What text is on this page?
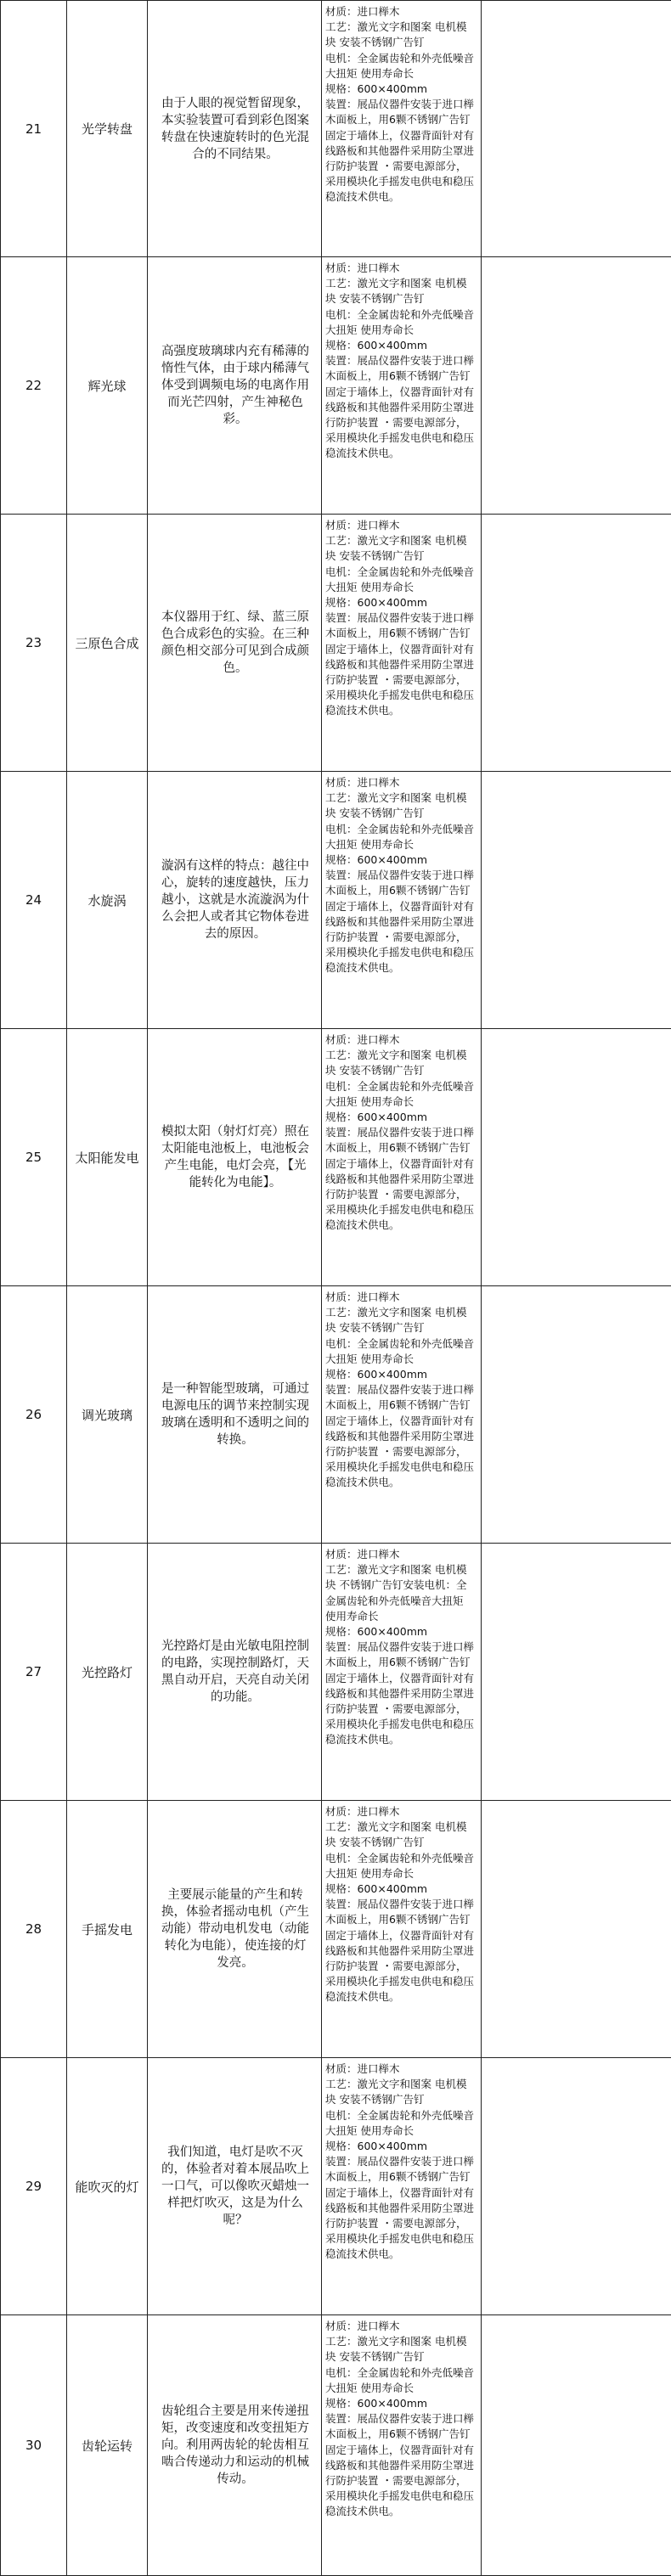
21	光学转盘	由于人眼的视觉暂留现象，本实验装置可看到彩色图案转盘在快速旋转时的色光混合的不同结果。	材质：进口榉木
工艺：激光文字和图案 电机模块 安装不锈钢广告钉
电机：全金属齿轮和外壳低噪音大扭矩 使用寿命长
规格：600×400mm
装置：展品仪器件安装于进口榉木面板上，用6颗不锈钢广告钉固定于墙体上，仪器背面针对有线路板和其他器件采用防尘罩进行防护装置 ・需要电源部分，采用模块化手摇发电供电和稳压稳流技术供电。

22	辉光球	高强度玻璃球内充有稀薄的惰性气体，由于球内稀薄气体受到调频电场的电离作用而光芒四射，产生神秘色彩。	材质：进口榉木
工艺：激光文字和图案 电机模块 安装不锈钢广告钉
电机：全金属齿轮和外壳低噪音大扭矩 使用寿命长
规格：600×400mm
装置：展品仪器件安装于进口榉木面板上，用6颗不锈钢广告钉固定于墙体上，仪器背面针对有线路板和其他器件采用防尘罩进行防护装置 ・需要电源部分，采用模块化手摇发电供电和稳压稳流技术供电。

23	三原色合成	本仪器用于红、绿、蓝三原色合成彩色的实验。在三种颜色相交部分可见到合成颜色。	材质：进口榉木
工艺：激光文字和图案 电机模块 安装不锈钢广告钉
电机：全金属齿轮和外壳低噪音大扭矩 使用寿命长
规格：600×400mm
装置：展品仪器件安装于进口榉木面板上，用6颗不锈钢广告钉固定于墙体上，仪器背面针对有线路板和其他器件采用防尘罩进行防护装置 ・需要电源部分，采用模块化手摇发电供电和稳压稳流技术供电。

24	水旋涡	漩涡有这样的特点：越往中心，旋转的速度越快，压力越小，这就是水流漩涡为什么会把人或者其它物体卷进去的原因。	材质：进口榉木
工艺：激光文字和图案 电机模块 安装不锈钢广告钉
电机：全金属齿轮和外壳低噪音大扭矩 使用寿命长
规格：600×400mm
装置：展品仪器件安装于进口榉木面板上，用6颗不锈钢广告钉固定于墙体上，仪器背面针对有线路板和其他器件采用防尘罩进行防护装置 ・需要电源部分，采用模块化手摇发电供电和稳压稳流技术供电。

25	太阳能发电	模拟太阳（射灯灯亮）照在太阳能电池板上，电池板会产生电能，电灯会亮，【光能转化为电能】。	材质：进口榉木
工艺：激光文字和图案 电机模块 安装不锈钢广告钉
电机：全金属齿轮和外壳低噪音大扭矩 使用寿命长
规格：600×400mm
装置：展品仪器件安装于进口榉木面板上，用6颗不锈钢广告钉固定于墙体上，仪器背面针对有线路板和其他器件采用防尘罩进行防护装置 ・需要电源部分，采用模块化手摇发电供电和稳压稳流技术供电。

26	调光玻璃	是一种智能型玻璃，可通过电源电压的调节来控制实现玻璃在透明和不透明之间的转换。	材质：进口榉木
工艺：激光文字和图案 电机模块 安装不锈钢广告钉
电机：全金属齿轮和外壳低噪音大扭矩 使用寿命长
规格：600×400mm
装置：展品仪器件安装于进口榉木面板上，用6颗不锈钢广告钉固定于墙体上，仪器背面针对有线路板和其他器件采用防尘罩进行防护装置 ・需要电源部分，采用模块化手摇发电供电和稳压稳流技术供电。

27	光控路灯	光控路灯是由光敏电阻控制的电路，实现控制路灯，天黑自动开启，天亮自动关闭的功能。	材质：进口榉木
工艺：激光文字和图案 电机模块 不锈钢广告钉安装电机：全金属齿轮和外壳低噪音大扭矩 使用寿命长
规格：600×400mm
装置：展品仪器件安装于进口榉木面板上，用6颗不锈钢广告钉固定于墙体上，仪器背面针对有线路板和其他器件采用防尘罩进行防护装置 ・需要电源部分，采用模块化手摇发电供电和稳压稳流技术供电。

28	手摇发电	主要展示能量的产生和转换，体验者摇动电机（产生动能）带动电机发电（动能转化为电能），使连接的灯发亮。	材质：进口榉木
工艺：激光文字和图案 电机模块 安装不锈钢广告钉
电机：全金属齿轮和外壳低噪音大扭矩 使用寿命长
规格：600×400mm
装置：展品仪器件安装于进口榉木面板上，用6颗不锈钢广告钉固定于墙体上，仪器背面针对有线路板和其他器件采用防尘罩进行防护装置 ・需要电源部分，采用模块化手摇发电供电和稳压稳流技术供电。

29	能吹灭的灯	我们知道，电灯是吹不灭的，体验者对着本展品吹上一口气，可以像吹灭蜡烛一样把灯吹灭，这是为什么呢？	材质：进口榉木
工艺：激光文字和图案 电机模块 安装不锈钢广告钉
电机：全金属齿轮和外壳低噪音大扭矩 使用寿命长
规格：600×400mm
装置：展品仪器件安装于进口榉木面板上，用6颗不锈钢广告钉固定于墙体上，仪器背面针对有线路板和其他器件采用防尘罩进行防护装置 ・需要电源部分，采用模块化手摇发电供电和稳压稳流技术供电。

30	齿轮运转	齿轮组合主要是用来传递扭矩，改变速度和改变扭矩方向。利用两齿轮的轮齿相互啮合传递动力和运动的机械传动。	材质：进口榉木
工艺：激光文字和图案 电机模块 安装不锈钢广告钉
电机：全金属齿轮和外壳低噪音大扭矩 使用寿命长
规格：600×400mm
装置：展品仪器件安装于进口榉木面板上，用6颗不锈钢广告钉固定于墙体上，仪器背面针对有线路板和其他器件采用防尘罩进行防护装置 ・需要电源部分，采用模块化手摇发电供电和稳压稳流技术供电。
